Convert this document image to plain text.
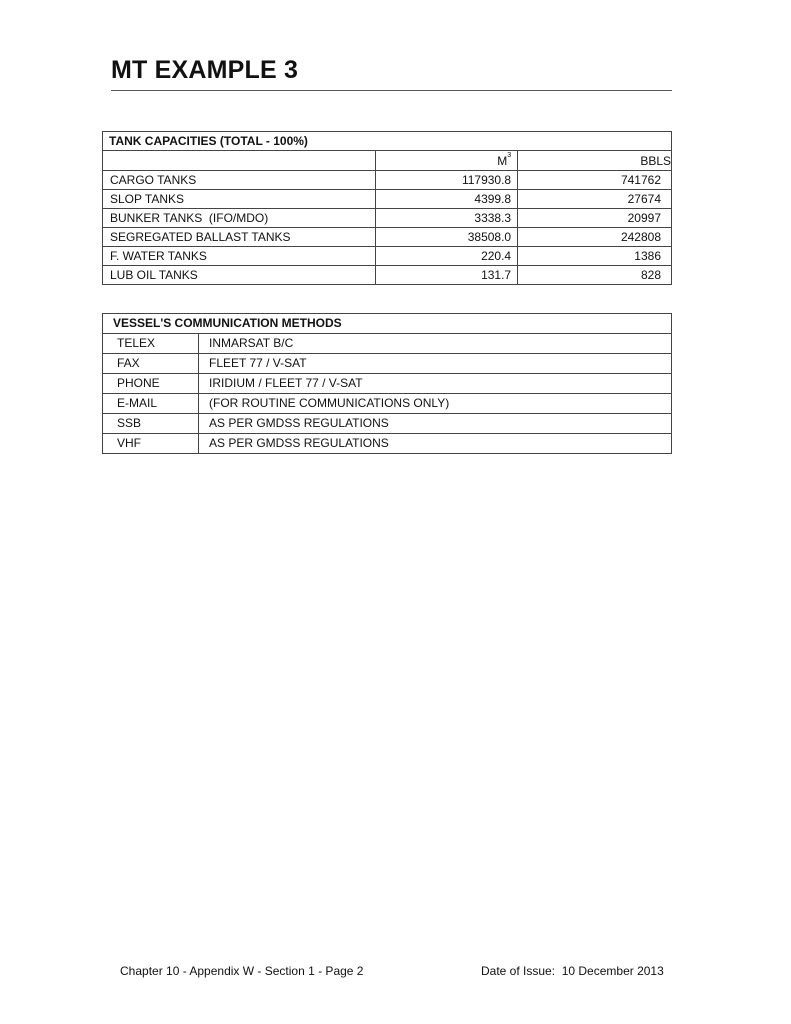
MT EXAMPLE 3
TANK CAPACITIES (TOTAL - 100%)		
	$M^3$	BBLS
CARGO TANKS	117930.8	741762
SLOP TANKS	4399.8	27674
BUNKER TANKS  (IFO/MDO)	3338.3	20997
SEGREGATED BALLAST TANKS	38508.0	242808
F. WATER TANKS	220.4	1386
LUB OIL TANKS	131.7	828
VESSEL'S COMMUNICATION METHODS	
TELEX	INMARSAT B/C
FAX	FLEET 77 / V-SAT
PHONE	IRIDIUM / FLEET 77 / V-SAT
E-MAIL	(FOR ROUTINE COMMUNICATIONS ONLY)
SSB	AS PER GMDSS REGULATIONS
VHF	AS PER GMDSS REGULATIONS
Chapter 10 - Appendix W - Section 1 - Page 2	Date of Issue:  10 December 2013
